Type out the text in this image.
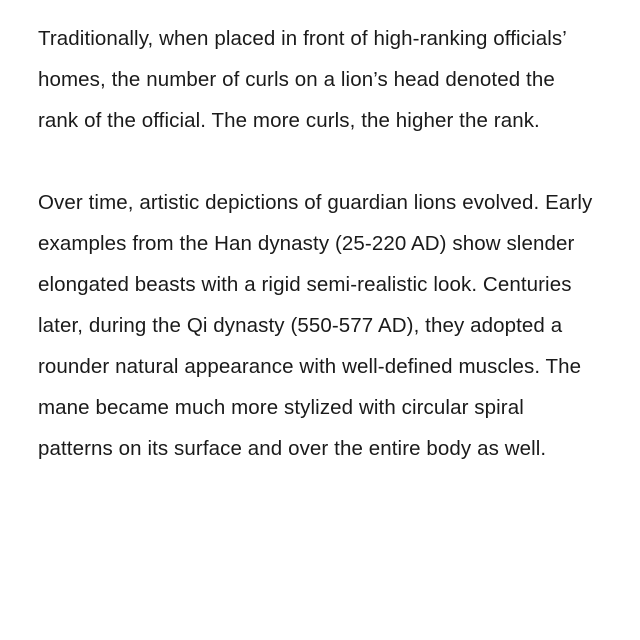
Traditionally, when placed in front of high-ranking officials’ homes, the number of curls on a lion’s head denoted the rank of the official. The more curls, the higher the rank.

Over time, artistic depictions of guardian lions evolved. Early examples from the Han dynasty (25-220 AD) show slender elongated beasts with a rigid semi-realistic look. Centuries later, during the Qi dynasty (550-577 AD), they adopted a rounder natural appearance with well-defined muscles. The mane became much more stylized with circular spiral patterns on its surface and over the entire body as well.
